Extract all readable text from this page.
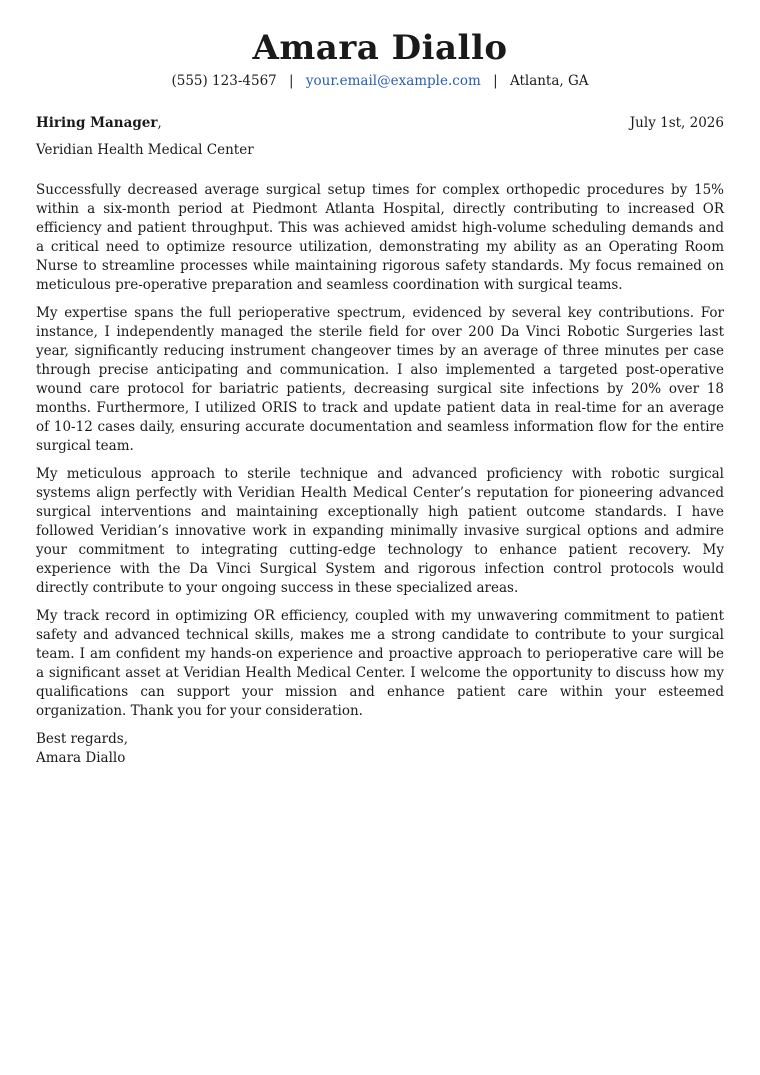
Amara Diallo
(555) 123-4567 | your.email@example.com | Atlanta, GA
Hiring Manager,	July 1st, 2026
Veridian Health Medical Center

Successfully decreased average surgical setup times for complex orthopedic procedures by 15% within a six-month period at Piedmont Atlanta Hospital, directly contributing to increased OR efficiency and patient throughput. This was achieved amidst high-volume scheduling demands and a critical need to optimize resource utilization, demonstrating my ability as an Operating Room Nurse to streamline processes while maintaining rigorous safety standards. My focus remained on meticulous pre-operative preparation and seamless coordination with surgical teams.

My expertise spans the full perioperative spectrum, evidenced by several key contributions. For instance, I independently managed the sterile field for over 200 Da Vinci Robotic Surgeries last year, significantly reducing instrument changeover times by an average of three minutes per case through precise anticipating and communication. I also implemented a targeted post-operative wound care protocol for bariatric patients, decreasing surgical site infections by 20% over 18 months. Furthermore, I utilized ORIS to track and update patient data in real-time for an average of 10-12 cases daily, ensuring accurate documentation and seamless information flow for the entire surgical team.

My meticulous approach to sterile technique and advanced proficiency with robotic surgical systems align perfectly with Veridian Health Medical Center’s reputation for pioneering advanced surgical interventions and maintaining exceptionally high patient outcome standards. I have followed Veridian’s innovative work in expanding minimally invasive surgical options and admire your commitment to integrating cutting-edge technology to enhance patient recovery. My experience with the Da Vinci Surgical System and rigorous infection control protocols would directly contribute to your ongoing success in these specialized areas.

My track record in optimizing OR efficiency, coupled with my unwavering commitment to patient safety and advanced technical skills, makes me a strong candidate to contribute to your surgical team. I am confident my hands-on experience and proactive approach to perioperative care will be a significant asset at Veridian Health Medical Center. I welcome the opportunity to discuss how my qualifications can support your mission and enhance patient care within your esteemed organization. Thank you for your consideration.

Best regards,
Amara Diallo
